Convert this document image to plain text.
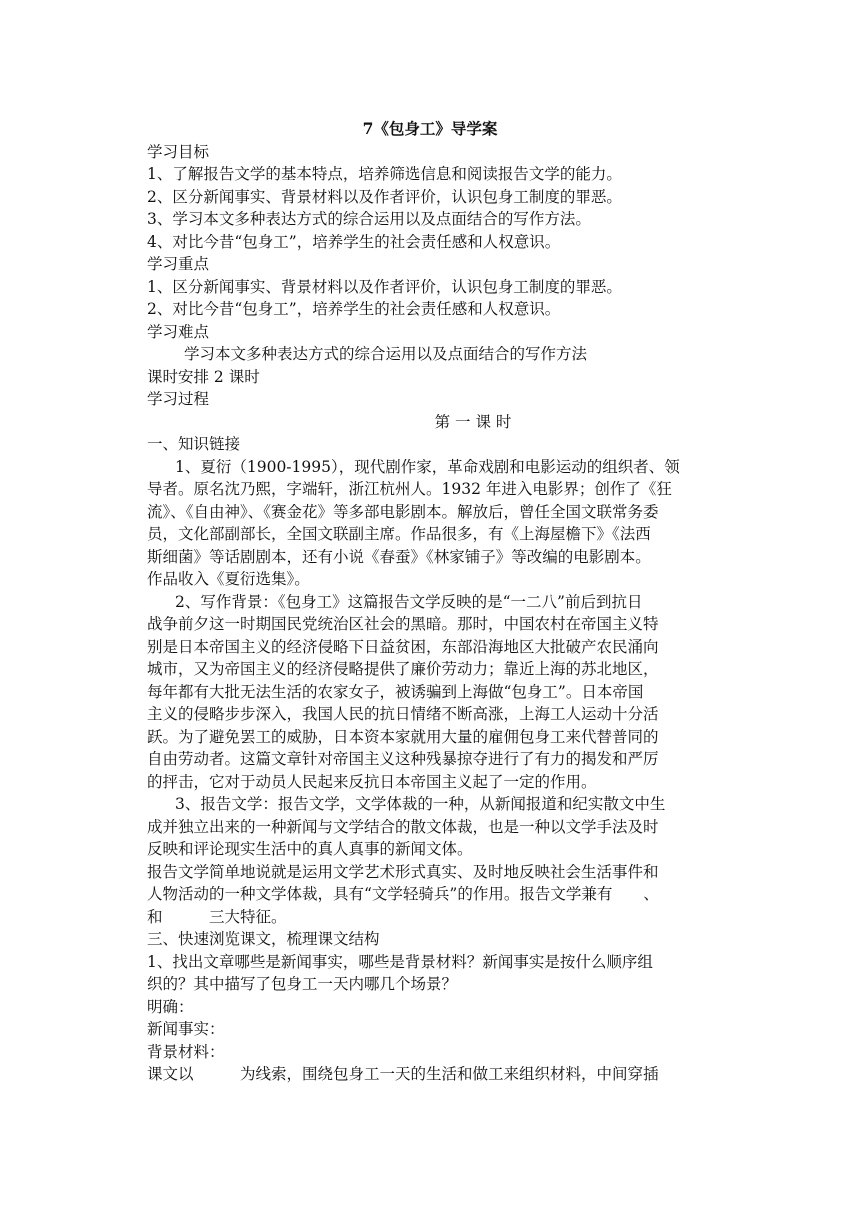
7《包身工》导学案
学习目标
1、了解报告文学的基本特点，培养筛选信息和阅读报告文学的能力。
2、区分新闻事实、背景材料以及作者评价，认识包身工制度的罪恶。
3、学习本文多种表达方式的综合运用以及点面结合的写作方法。
4、对比今昔“包身工”，培养学生的社会责任感和人权意识。
学习重点
1、区分新闻事实、背景材料以及作者评价，认识包身工制度的罪恶。
2、对比今昔“包身工”，培养学生的社会责任感和人权意识。
学习难点
学习本文多种表达方式的综合运用以及点面结合的写作方法
课时安排 2 课时
学习过程
第 一 课 时
一、知识链接
1、夏衍（1900-1995），现代剧作家，革命戏剧和电影运动的组织者、领
导者。原名沈乃熙，字端轩，浙江杭州人。1932 年进入电影界；创作了《狂
流》、《自由神》、《赛金花》等多部电影剧本。解放后，曾任全国文联常务委
员，文化部副部长，全国文联副主席。作品很多，有《上海屋檐下》《法西
斯细菌》等话剧剧本，还有小说《春蚕》《林家铺子》等改编的电影剧本。
作品收入《夏衍选集》。
2、写作背景：《包身工》这篇报告文学反映的是“一二八”前后到抗日
战争前夕这一时期国民党统治区社会的黑暗。那时，中国农村在帝国主义特
别是日本帝国主义的经济侵略下日益贫困，东部沿海地区大批破产农民涌向
城市，又为帝国主义的经济侵略提供了廉价劳动力；靠近上海的苏北地区，
每年都有大批无法生活的农家女子，被诱骗到上海做“包身工”。日本帝国
主义的侵略步步深入，我国人民的抗日情绪不断高涨，上海工人运动十分活
跃。为了避免罢工的威胁，日本资本家就用大量的雇佣包身工来代替普同的
自由劳动者。这篇文章针对帝国主义这种残暴掠夺进行了有力的揭发和严厉
的抨击，它对于动员人民起来反抗日本帝国主义起了一定的作用。
3、报告文学：报告文学，文学体裁的一种，从新闻报道和纪实散文中生
成并独立出来的一种新闻与文学结合的散文体裁，也是一种以文学手法及时
反映和评论现实生活中的真人真事的新闻文体。
报告文学简单地说就是运用文学艺术形式真实、及时地反映社会生活事件和
人物活动的一种文学体裁，具有“文学轻骑兵”的作用。报告文学兼有　　、
和　　　三大特征。
三、快速浏览课文，梳理课文结构
1、找出文章哪些是新闻事实，哪些是背景材料？新闻事实是按什么顺序组
织的？其中描写了包身工一天内哪几个场景？
明确：
新闻事实：
背景材料：
课文以　　　为线索，围绕包身工一天的生活和做工来组织材料，中间穿插
